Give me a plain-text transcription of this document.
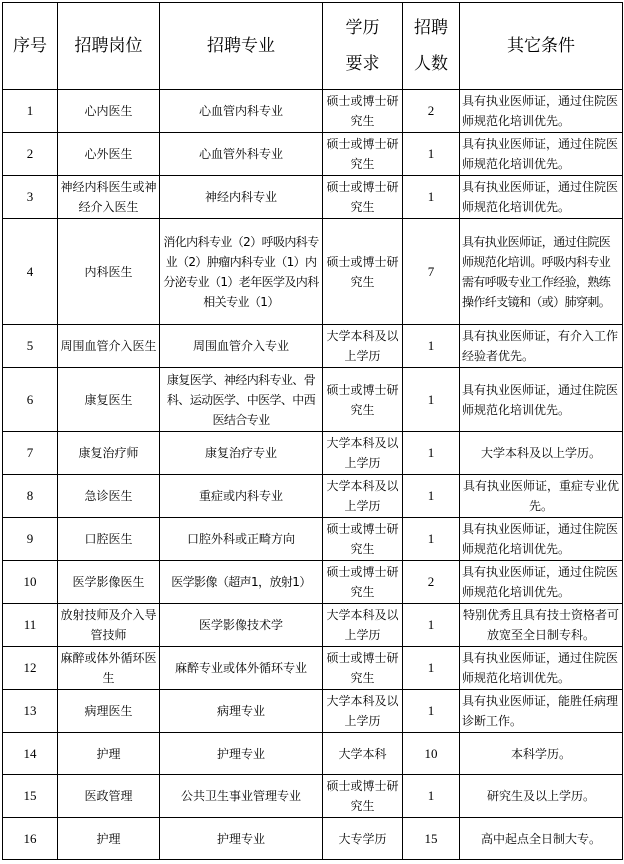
序号	招聘岗位	招聘专业	学历要求	招聘人数	其它条件
1	心内医生	心血管内科专业	硕士或博士研究生	2	具有执业医师证，通过住院医师规范化培训优先。
2	心外医生	心血管外科专业	硕士或博士研究生	1	具有执业医师证，通过住院医师规范化培训优先。
3	神经内科医生或神经介入医生	神经内科专业	硕士或博士研究生	1	具有执业医师证，通过住院医师规范化培训优先。
4	内科医生	消化内科专业（2）呼吸内科专业（2）肿瘤内科专业（1）内分泌专业（1）老年医学及内科相关专业（1）	硕士或博士研究生	7	具有执业医师证，通过住院医师规范化培训。呼吸内科专业需有呼吸专业工作经验，熟练操作纤支镜和（或）肺穿刺。
5	周围血管介入医生	周围血管介入专业	大学本科及以上学历	1	具有执业医师证，有介入工作经验者优先。
6	康复医生	康复医学、神经内科专业、骨科、运动医学、中医学、中西医结合专业	硕士或博士研究生	1	具有执业医师证，通过住院医师规范化培训优先。
7	康复治疗师	康复治疗专业	大学本科及以上学历	1	大学本科及以上学历。
8	急诊医生	重症或内科专业	大学本科及以上学历	1	具有执业医师证，重症专业优先。
9	口腔医生	口腔外科或正畸方向	硕士或博士研究生	1	具有执业医师证，通过住院医师规范化培训优先。
10	医学影像医生	医学影像（超声1，放射1）	硕士或博士研究生	2	具有执业医师证，通过住院医师规范化培训优先。
11	放射技师及介入导管技师	医学影像技术学	大学本科及以上学历	1	特别优秀且具有技士资格者可放宽至全日制专科。
12	麻醉或体外循环医生	麻醉专业或体外循环专业	硕士或博士研究生	1	具有执业医师证，通过住院医师规范化培训优先。
13	病理医生	病理专业	大学本科及以上学历	1	具有执业医师证，能胜任病理诊断工作。
14	护理	护理专业	大学本科	10	本科学历。
15	医政管理	公共卫生事业管理专业	硕士或博士研究生	1	研究生及以上学历。
16	护理	护理专业	大专学历	15	高中起点全日制大专。
